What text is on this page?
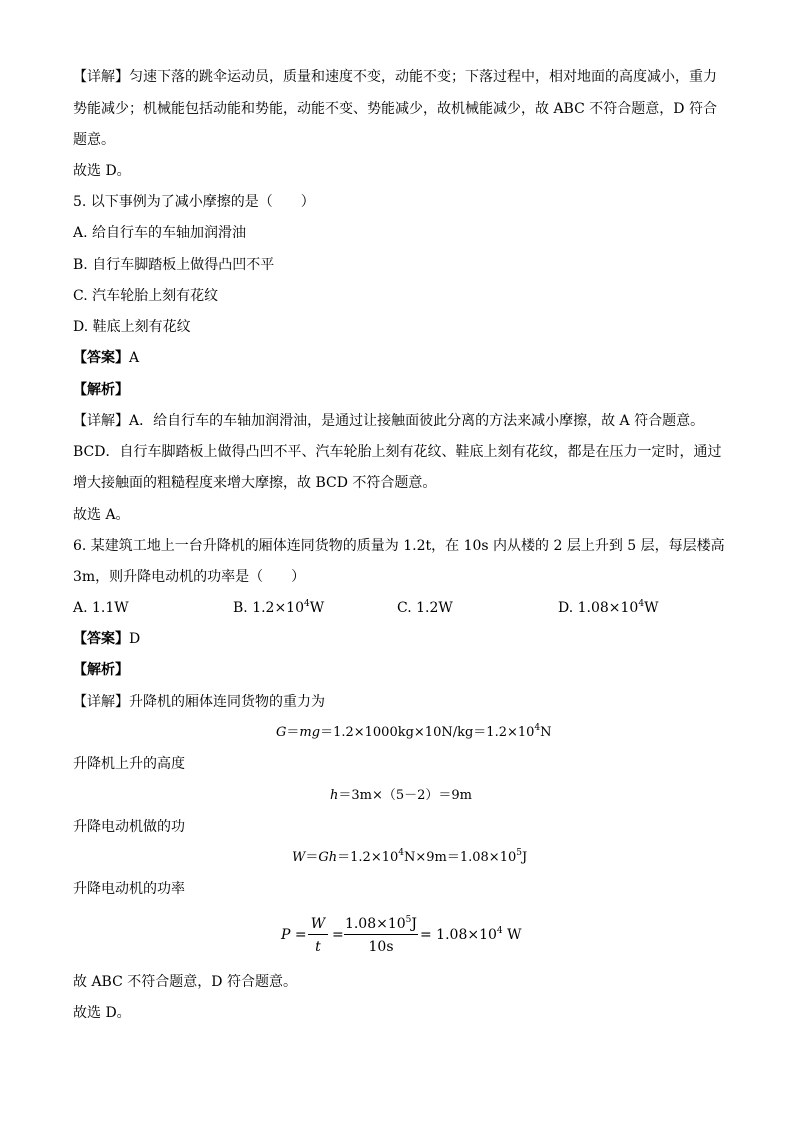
【详解】匀速下落的跳伞运动员，质量和速度不变，动能不变；下落过程中，相对地面的高度减小，重力
势能减少；机械能包括动能和势能，动能不变、势能减少，故机械能减少，故 ABC 不符合题意，D 符合
题意。
故选 D。
5. 以下事例为了减小摩擦的是（　　）
A. 给自行车的车轴加润滑油
B. 自行车脚踏板上做得凸凹不平
C. 汽车轮胎上刻有花纹
D. 鞋底上刻有花纹
【答案】A
【解析】
【详解】A．给自行车的车轴加润滑油，是通过让接触面彼此分离的方法来减小摩擦，故 A 符合题意。
BCD．自行车脚踏板上做得凸凹不平、汽车轮胎上刻有花纹、鞋底上刻有花纹，都是在压力一定时，通过
增大接触面的粗糙程度来增大摩擦，故 BCD 不符合题意。
故选 A。
6. 某建筑工地上一台升降机的厢体连同货物的质量为 1.2t，在 10s 内从楼的 2 层上升到 5 层，每层楼高
3m，则升降电动机的功率是（　　）
A. 1.1W	B. $1.2\times 10^4W$	C. 1.2W	D. $1.08\times 10^4W$
【答案】D
【解析】
【详解】升降机的厢体连同货物的重力为
$G=mg=1.2\times 1000kg\times 10N/kg=1.2\times 10^4N$
升降机上升的高度
h＝3m×（5－2）＝9m
升降电动机做的功
$W=Gh=1.2\times 10^4N\times 9m=1.08\times 10^5J$
升降电动机的功率
P =
W
t
=
$1.08\times 10^5J$
10s
= $1.08\times 10^4$ W
故 ABC 不符合题意，D 符合题意。
故选 D。
